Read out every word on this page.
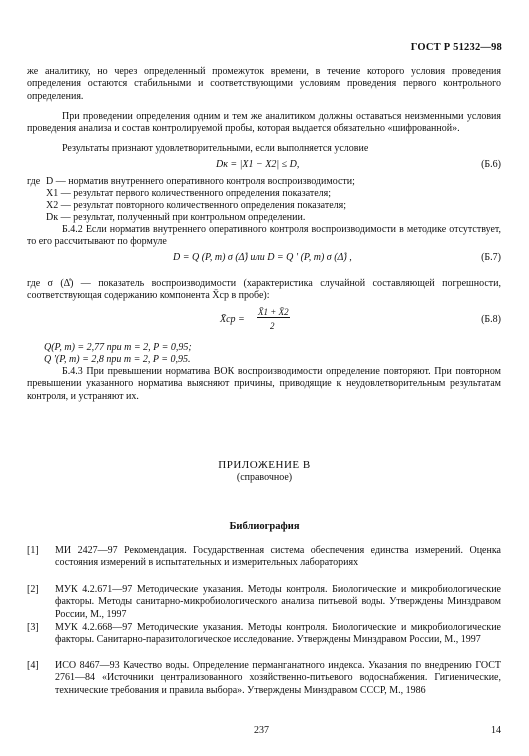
ГОСТ Р 51232—98
же аналитику, но через определенный промежуток времени, в течение которого условия проведения определения остаются стабильными и соответствующими условиям проведения первого контрольного определения.
При проведении определения одним и тем же аналитиком должны оставаться неизменными условия проведения анализа и состав контролируемой пробы, которая выдается обязательно «шифрованной».
Результаты признают удовлетворительными, если выполняется условие
Dк = |X1 − X2| ≤ D,	(Б.6)
где D — норматив внутреннего оперативного контроля воспроизводимости;
X1 — результат первого количественного определения показателя;
X2 — результат повторного количественного определения показателя;
Dк — результат, полученный при контрольном определении.
Б.4.2 Если норматив внутреннего оперативного контроля воспроизводимости в методике отсутствует, то его рассчитывают по формуле
D = Q (P, m) σ (Δ̊) или D = Q ′ (P, m) σ (Δ̊) ,	(Б.7)
где σ (Δ̊) — показатель воспроизводимости (характеристика случайной составляющей погрешности, соответствующая содержанию компонента X̄ср в пробе):
X̄ср =
X̄1 + X̄2
2
(Б.8)
Q(P, m) = 2,77 при m = 2, P = 0,95;
Q ′(P, m) = 2,8 при m = 2, P = 0,95.
Б.4.3 При превышении норматива ВОК воспроизводимости определение повторяют. При повторном превышении указанного норматива выясняют причины, приводящие к неудовлетворительным результатам контроля, и устраняют их.
ПРИЛОЖЕНИЕ В
(справочное)
Библиография
[1] МИ 2427—97 Рекомендация. Государственная система обеспечения единства измерений. Оценка состояния измерений в испытательных и измерительных лабораториях
[2] МУК 4.2.671—97 Методические указания. Методы контроля. Биологические и микробиологические факторы. Методы санитарно-микробиологического анализа питьевой воды. Утверждены Минздравом России, М., 1997
[3] МУК 4.2.668—97 Методические указания. Методы контроля. Биологические и микробиологические факторы. Санитарно-паразитологическое исследование. Утверждены Минздравом России, М., 1997
[4] ИСО 8467—93 Качество воды. Определение перманганатного индекса. Указания по внедрению ГОСТ 2761—84 «Источники централизованного хозяйственно-питьевого водоснабжения. Гигиенические, технические требования и правила выбора». Утверждены Минздравом СССР, М., 1986
237	14
